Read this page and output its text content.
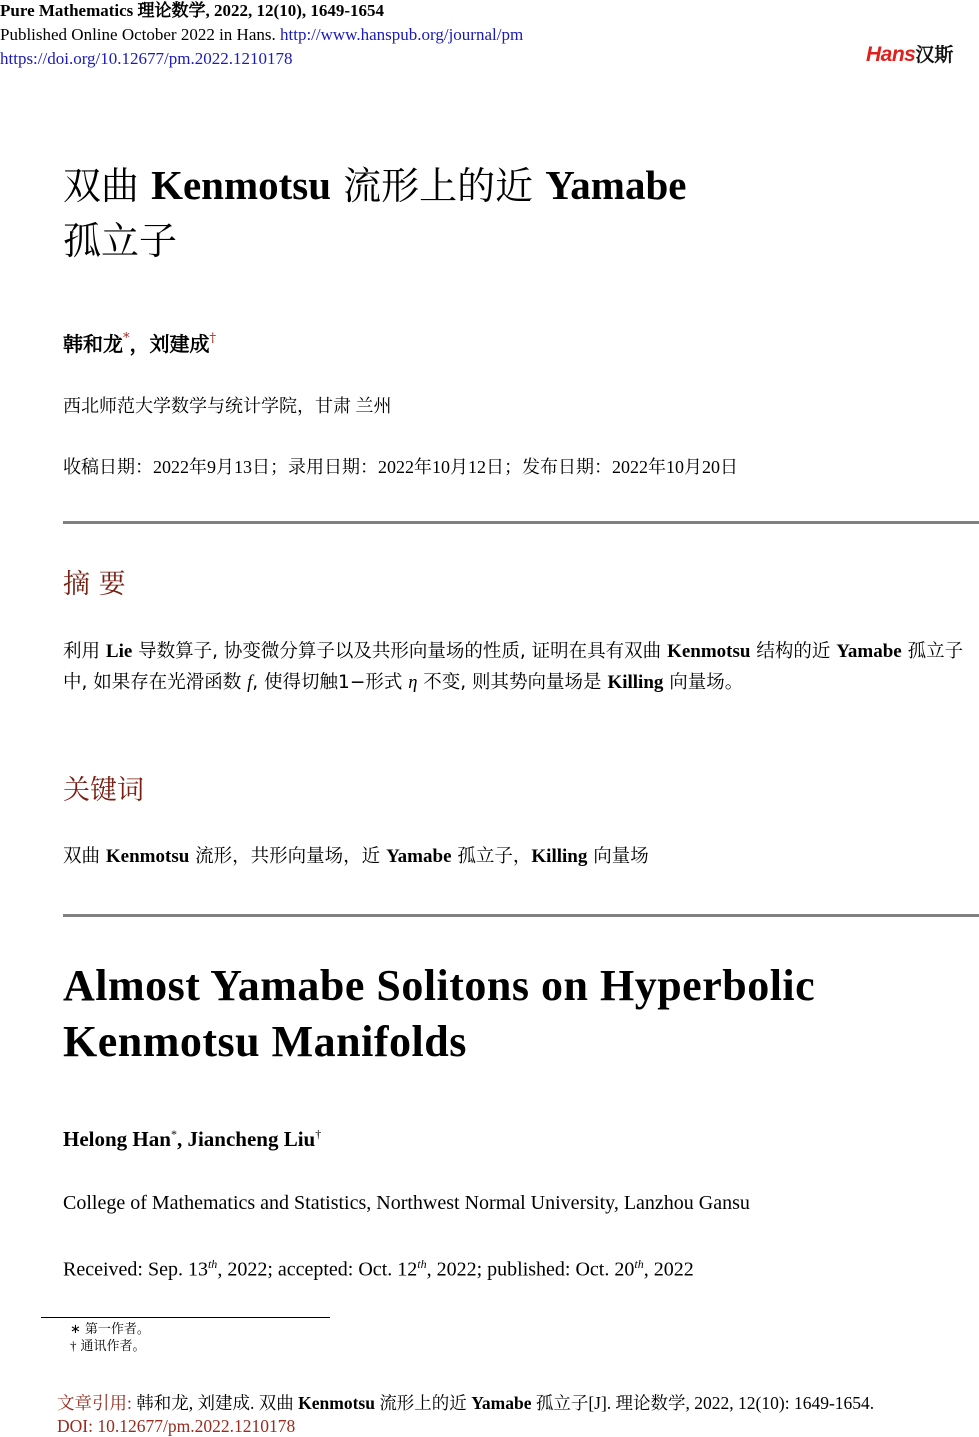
Pure Mathematics 理论数学, 2022, 12(10), 1649-1654
Published Online October 2022 in Hans. http://www.hanspub.org/journal/pm
https://doi.org/10.12677/pm.2022.1210178	Hans汉斯
双曲 Kenmotsu 流形上的近 Yamabe
孤立子
韩和龙*，刘建成†
西北师范大学数学与统计学院，甘肃 兰州
收稿日期：2022年9月13日；录用日期：2022年10月12日；发布日期：2022年10月20日
摘 要
利用 Lie 导数算子, 协变微分算子以及共形向量场的性质, 证明在具有双曲 Kenmotsu 结构的近 Yamabe 孤立子中, 如果存在光滑函数 f, 使得切触1−形式 η 不变, 则其势向量场是 Killing 向量场。
关键词
双曲 Kenmotsu 流形，共形向量场，近 Yamabe 孤立子，Killing 向量场
Almost Yamabe Solitons on Hyperbolic Kenmotsu Manifolds
Helong Han*, Jiancheng Liu†
College of Mathematics and Statistics, Northwest Normal University, Lanzhou Gansu
Received: Sep. 13th, 2022; accepted: Oct. 12th, 2022; published: Oct. 20th, 2022
∗ 第一作者。
† 通讯作者。
文章引用: 韩和龙, 刘建成. 双曲 Kenmotsu 流形上的近 Yamabe 孤立子[J]. 理论数学, 2022, 12(10): 1649-1654.
DOI: 10.12677/pm.2022.1210178
